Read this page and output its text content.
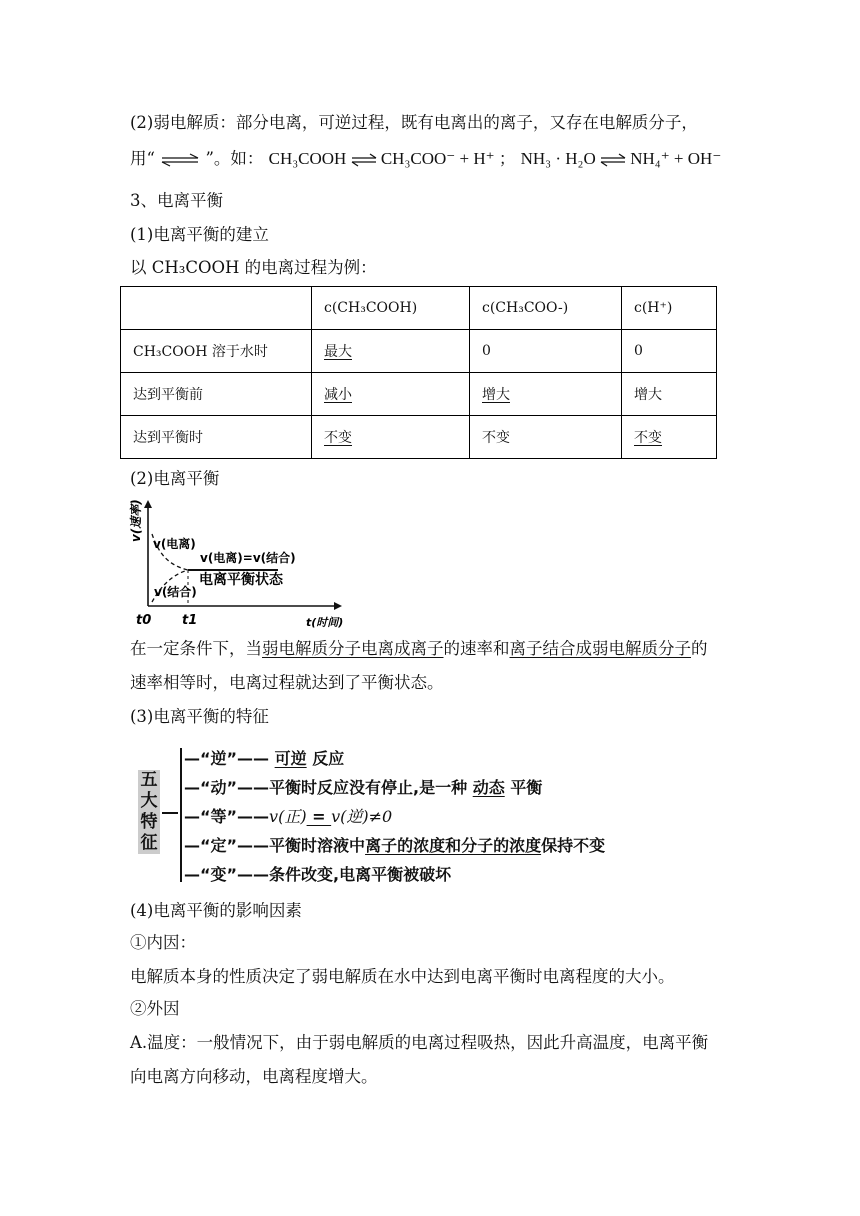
(2)弱电解质：部分电离，可逆过程，既有电离出的离子，又存在电解质分子，
用“ ⇌ ”。如： CH₃COOH ⇌ CH₃COO⁻ + H⁺ ； NH₃ · H₂O ⇌ NH₄⁺ + OH⁻
3、电离平衡
(1)电离平衡的建立
以 CH₃COOH 的电离过程为例：
	c(CH₃COOH)	c(CH₃COO-)	c(H⁺)
CH₃COOH 溶于水时	最大	0	0
达到平衡前	减小	增大	增大
达到平衡时	不变	不变	不变
(2)电离平衡
v(速率)
v(电离)
v(电离)=v(结合)
电离平衡状态
v(结合)
t0 t1	t(时间)
在一定条件下，当弱电解质分子电离成离子的速率和离子结合成弱电解质分子的
速率相等时，电离过程就达到了平衡状态。
(3)电离平衡的特征
五大特征
—“逆”—— 可逆 反应
—“动”——平衡时反应没有停止,是一种 动态 平衡
—“等”——v(正) = v(逆)≠0
—“定”——平衡时溶液中离子的浓度和分子的浓度保持不变
—“变”——条件改变,电离平衡被破坏
(4)电离平衡的影响因素
①内因：
电解质本身的性质决定了弱电解质在水中达到电离平衡时电离程度的大小。
②外因
A.温度：一般情况下，由于弱电解质的电离过程吸热，因此升高温度，电离平衡
向电离方向移动，电离程度增大。
